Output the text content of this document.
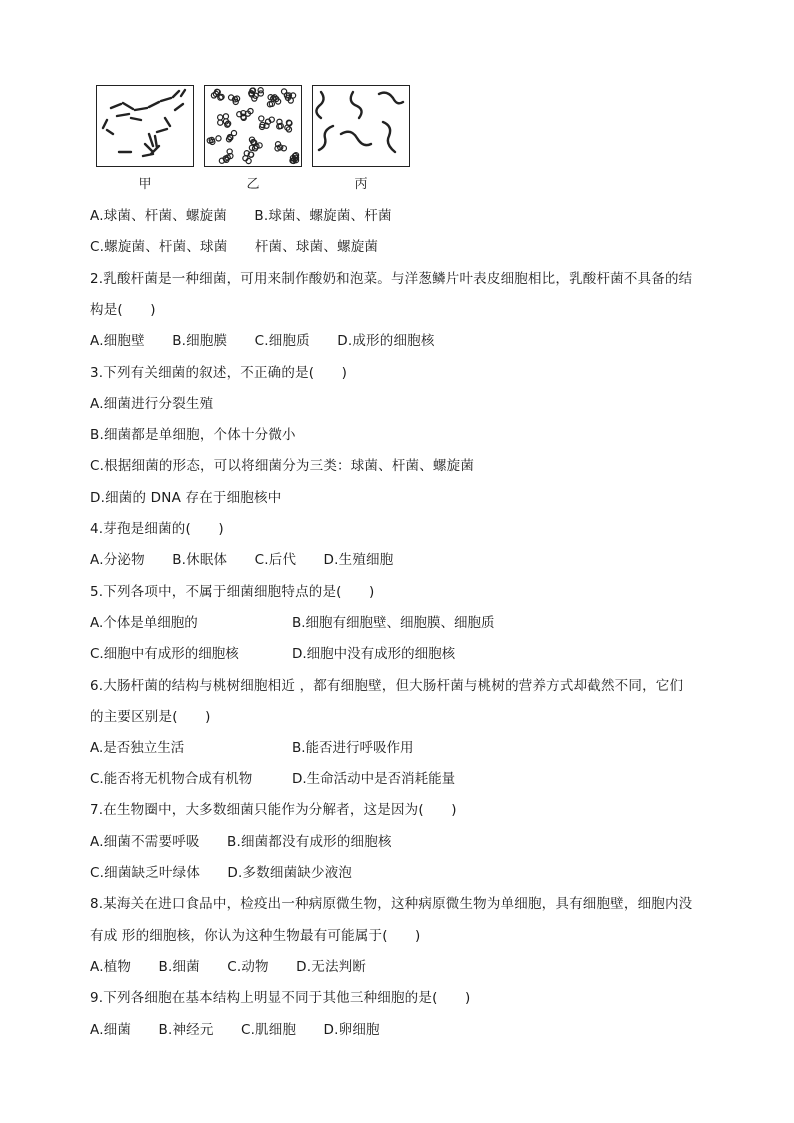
甲	乙	丙
A.球菌、杆菌、螺旋菌　　B.球菌、螺旋菌、杆菌
C.螺旋菌、杆菌、球菌　　杆菌、球菌、螺旋菌
2.乳酸杆菌是一种细菌，可用来制作酸奶和泡菜。与洋葱鳞片叶表皮细胞相比，乳酸杆菌不具备的结
构是(　　)
A.细胞壁　　B.细胞膜　　C.细胞质　　D.成形的细胞核
3.下列有关细菌的叙述，不正确的是(　　)
A.细菌进行分裂生殖
B.细菌都是单细胞，个体十分微小
C.根据细菌的形态，可以将细菌分为三类：球菌、杆菌、螺旋菌
D.细菌的 DNA 存在于细胞核中
4.芽孢是细菌的(　　)
A.分泌物　　B.休眠体　　C.后代　　D.生殖细胞
5.下列各项中，不属于细菌细胞特点的是(　　)
A.个体是单细胞的	B.细胞有细胞壁、细胞膜、细胞质
C.细胞中有成形的细胞核	D.细胞中没有成形的细胞核
6.大肠杆菌的结构与桃树细胞相近 ，都有细胞壁，但大肠杆菌与桃树的营养方式却截然不同，它们
的主要区别是(　　)
A.是否独立生活	B.能否进行呼吸作用
C.能否将无机物合成有机物	D.生命活动中是否消耗能量
7.在生物圈中，大多数细菌只能作为分解者，这是因为(　　)
A.细菌不需要呼吸　　B.细菌都没有成形的细胞核
C.细菌缺乏叶绿体　　D.多数细菌缺少液泡
8.某海关在进口食品中，检疫出一种病原微生物，这种病原微生物为单细胞，具有细胞壁，细胞内没
有成 形的细胞核，你认为这种生物最有可能属于(　　)
A.植物　　B.细菌　　C.动物　　D.无法判断
9.下列各细胞在基本结构上明显不同于其他三种细胞的是(　　)
A.细菌　　B.神经元　　C.肌细胞　　D.卵细胞
